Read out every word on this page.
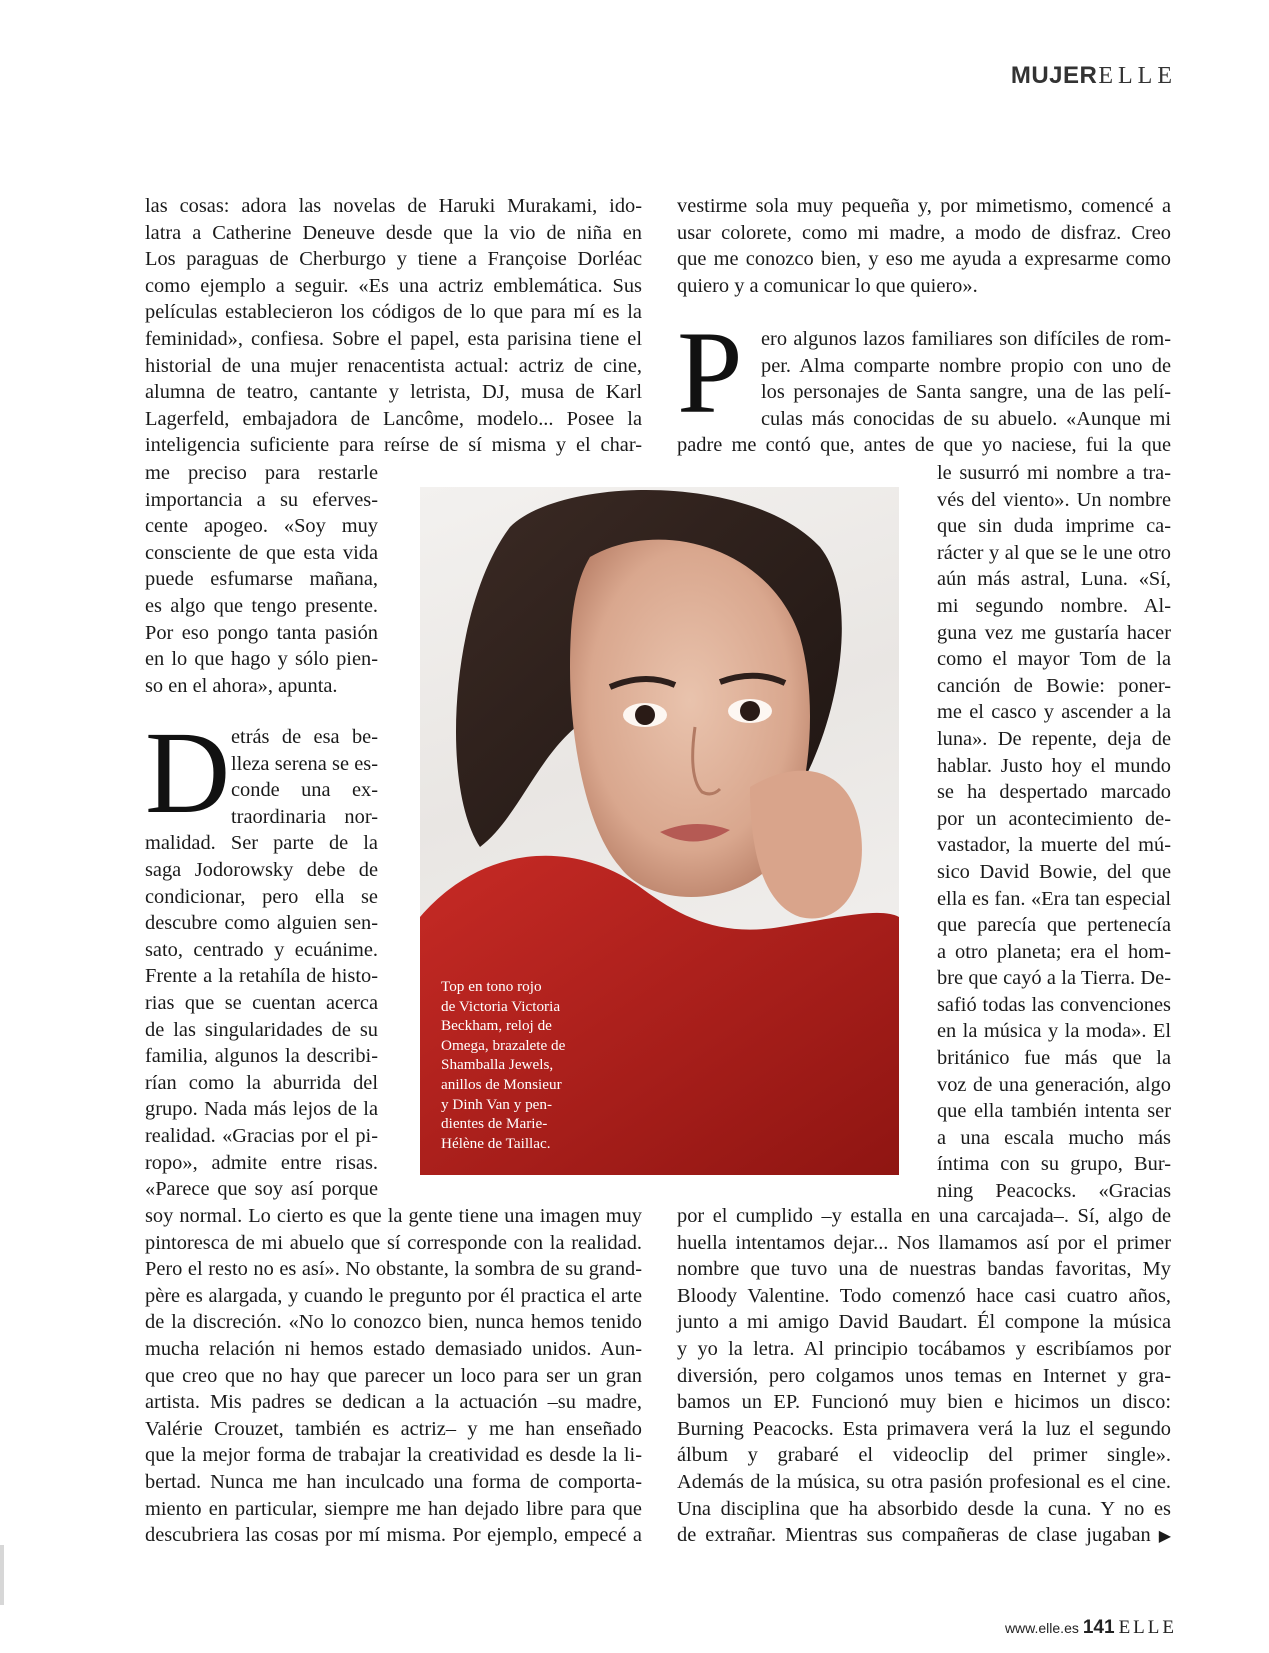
MUJERELLE
las cosas: adora las novelas de Haruki Murakami, ido-
latra a Catherine Deneuve desde que la vio de niña en
Los paraguas de Cherburgo y tiene a Françoise Dorléac
como ejemplo a seguir. «Es una actriz emblemática. Sus
películas establecieron los códigos de lo que para mí es la
feminidad», confiesa. Sobre el papel, esta parisina tiene el
historial de una mujer renacentista actual: actriz de cine,
alumna de teatro, cantante y letrista, DJ, musa de Karl
Lagerfeld, embajadora de Lancôme, modelo... Posee la
inteligencia suficiente para reírse de sí misma y el char-
me preciso para restarle
importancia a su eferves-
cente apogeo. «Soy muy
consciente de que esta vida
puede esfumarse mañana,
es algo que tengo presente.
Por eso pongo tanta pasión
en lo que hago y sólo pien-
so en el ahora», apunta.
D etrás de esa be-
lleza serena se es-
conde una ex-
traordinaria nor-
malidad. Ser parte de la
saga Jodorowsky debe de
condicionar, pero ella se
descubre como alguien sen-
sato, centrado y ecuánime.
Frente a la retahíla de histo-
rias que se cuentan acerca
de las singularidades de su
familia, algunos la describi-
rían como la aburrida del
grupo. Nada más lejos de la
realidad. «Gracias por el pi-
ropo», admite entre risas.
«Parece que soy así porque
soy normal. Lo cierto es que la gente tiene una imagen muy
pintoresca de mi abuelo que sí corresponde con la realidad.
Pero el resto no es así». No obstante, la sombra de su grand-
père es alargada, y cuando le pregunto por él practica el arte
de la discreción. «No lo conozco bien, nunca hemos tenido
mucha relación ni hemos estado demasiado unidos. Aun-
que creo que no hay que parecer un loco para ser un gran
artista. Mis padres se dedican a la actuación –su madre,
Valérie Crouzet, también es actriz– y me han enseñado
que la mejor forma de trabajar la creatividad es desde la li-
bertad. Nunca me han inculcado una forma de comporta-
miento en particular, siempre me han dejado libre para que
descubriera las cosas por mí misma. Por ejemplo, empecé a
vestirme sola muy pequeña y, por mimetismo, comencé a
usar colorete, como mi madre, a modo de disfraz. Creo
que me conozco bien, y eso me ayuda a expresarme como
quiero y a comunicar lo que quiero».
P ero algunos lazos familiares son difíciles de rom-
per. Alma comparte nombre propio con uno de
los personajes de Santa sangre, una de las pelí-
culas más conocidas de su abuelo. «Aunque mi
padre me contó que, antes de que yo naciese, fui la que
le susurró mi nombre a tra-
vés del viento». Un nombre
que sin duda imprime ca-
rácter y al que se le une otro
aún más astral, Luna. «Sí,
mi segundo nombre. Al-
guna vez me gustaría hacer
como el mayor Tom de la
canción de Bowie: poner-
me el casco y ascender a la
luna». De repente, deja de
hablar. Justo hoy el mundo
se ha despertado marcado
por un acontecimiento de-
vastador, la muerte del mú-
sico David Bowie, del que
ella es fan. «Era tan especial
que parecía que pertenecía
a otro planeta; era el hom-
bre que cayó a la Tierra. De-
safió todas las convenciones
en la música y la moda». El
británico fue más que la
voz de una generación, algo
que ella también intenta ser
a una escala mucho más
íntima con su grupo, Bur-
ning Peacocks. «Gracias
por el cumplido –y estalla en una carcajada–. Sí, algo de
huella intentamos dejar... Nos llamamos así por el primer
nombre que tuvo una de nuestras bandas favoritas, My
Bloody Valentine. Todo comenzó hace casi cuatro años,
junto a mi amigo David Baudart. Él compone la música
y yo la letra. Al principio tocábamos y escribíamos por
diversión, pero colgamos unos temas en Internet y gra-
bamos un EP. Funcionó muy bien e hicimos un disco:
Burning Peacocks. Esta primavera verá la luz el segundo
álbum y grabaré el videoclip del primer single».
Además de la música, su otra pasión profesional es el cine.
Una disciplina que ha absorbido desde la cuna. Y no es
de extrañar. Mientras sus compañeras de clase jugaban ▶
Top en tono rojo
de Victoria Victoria
Beckham, reloj de
Omega, brazalete de
Shamballa Jewels,
anillos de Monsieur
y Dinh Van y pen-
dientes de Marie-
Hélène de Taillac.
www.elle.es 141 ELLE
